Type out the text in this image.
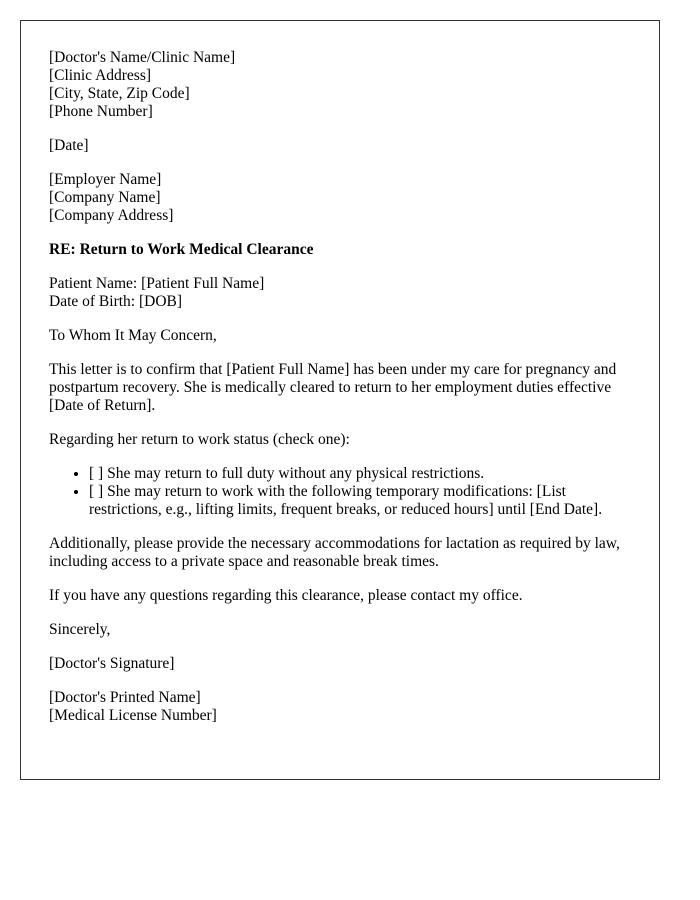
[Doctor's Name/Clinic Name]
[Clinic Address]
[City, State, Zip Code]
[Phone Number]
[Date]
[Employer Name]
[Company Name]
[Company Address]
RE: Return to Work Medical Clearance
Patient Name: [Patient Full Name]
Date of Birth: [DOB]

To Whom It May Concern,

This letter is to confirm that [Patient Full Name] has been under my care for pregnancy and postpartum recovery. She is medically cleared to return to her employment duties effective [Date of Return].

Regarding her return to work status (check one):

• [ ] She may return to full duty without any physical restrictions.
• [ ] She may return to work with the following temporary modifications: [List restrictions, e.g., lifting limits, frequent breaks, or reduced hours] until [End Date].

Additionally, please provide the necessary accommodations for lactation as required by law, including access to a private space and reasonable break times.

If you have any questions regarding this clearance, please contact my office.

Sincerely,

[Doctor's Signature]

[Doctor's Printed Name]
[Medical License Number]
